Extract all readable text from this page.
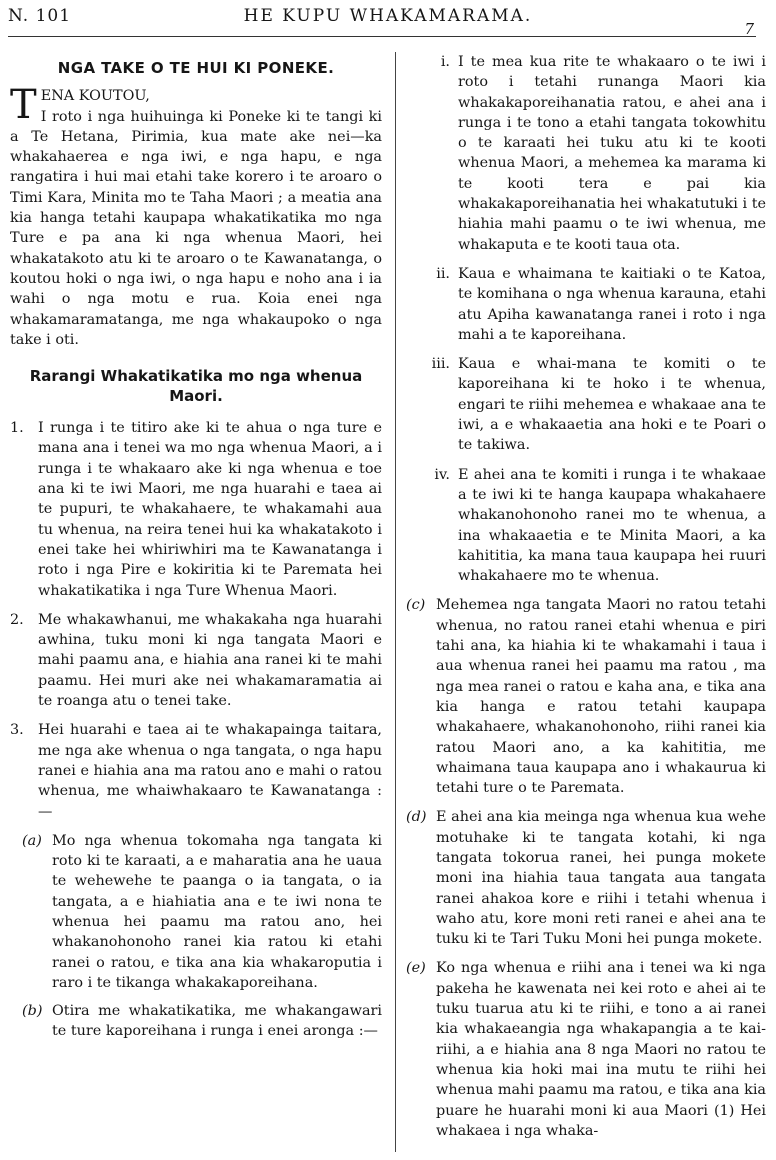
N. 101	HE KUPU WHAKAMARAMA.
7
NGA TAKE O TE HUI KI PONEKE.

TENA KOUTOU,

I roto i nga huihuinga ki Poneke ki te tangi ki a Te Hetana, Pirimia, kua mate ake nei—ka whakahaerea e nga iwi, e nga hapu, e nga rangatira i hui mai etahi take korero i te aroaro o Timi Kara, Minita mo te Taha Maori ; a meatia ana kia hanga tetahi kaupapa whakatikatika mo nga Ture e pa ana ki nga whenua Maori, hei whakatakoto atu ki te aroaro o te Kawanatanga, o koutou hoki o nga iwi, o nga hapu e noho ana i ia wahi o nga motu e rua. Koia enei nga whakamaramatanga, me nga whakaupoko o nga take i oti.

Rarangi Whakatikatika mo nga whenua Maori.
1. I runga i te titiro ake ki te ahua o nga ture e mana ana i tenei wa mo nga whenua Maori, a i runga i te whakaaro ake ki nga whenua e toe ana ki te iwi Maori, me nga huarahi e taea ai te pupuri, te whakahaere, te whakamahi aua tu whenua, na reira tenei hui ka whakatakoto i enei take hei whiriwhiri ma te Kawanatanga i roto i nga Pire e kokiritia ki te Paremata hei whakatikatika i nga Ture Whenua Maori.
2. Me whakawhanui, me whakakaha nga huarahi awhina, tuku moni ki nga tangata Maori e mahi paamu ana, e hiahia ana ranei ki te mahi paamu. Hei muri ake nei whakamaramatia ai te roanga atu o tenei take.
3. Hei huarahi e taea ai te whakapainga taitara, me nga ake whenua o nga tangata, o nga hapu ranei e hiahia ana ma ratou ano e mahi o ratou whenua, me whaiwhakaaro te Kawanatanga :—
(a) Mo nga whenua tokomaha nga tangata ki roto ki te karaati, a e maharatia ana he uaua te wehewehe te paanga o ia tangata, o ia tangata, a e hiahiatia ana e te iwi nona te whenua hei paamu ma ratou ano, hei whakanohonoho ranei kia ratou ki etahi ranei o ratou, e tika ana kia whakaroputia i raro i te tikanga whakakaporeihana.
(b) Otira me whakatikatika, me whakangawari te ture kaporeihana i runga i enei aronga :—
i. I te mea kua rite te whakaaro o te iwi i roto i tetahi runanga Maori kia whakakaporeihanatia ratou, e ahei ana i runga i te tono a etahi tangata tokowhitu o te karaati hei tuku atu ki te kooti whenua Maori, a mehemea ka marama ki te kooti tera e pai kia whakakaporeihanatia hei whakatutuki i te hiahia mahi paamu o te iwi whenua, me whakaputa e te kooti taua ota.
ii. Kaua e whaimana te kaitiaki o te Katoa, te komihana o nga whenua karauna, etahi atu Apiha kawanatanga ranei i roto i nga mahi a te kaporeihana.
iii. Kaua e whai-mana te komiti o te kaporeihana ki te hoko i te whenua, engari te riihi mehemea e whakaae ana te iwi, a e whakaaetia ana hoki e te Poari o te takiwa.
iv. E ahei ana te komiti i runga i te whakaae a te iwi ki te hanga kaupapa whakahaere whakanohonoho ranei mo te whenua, a ina whakaaetia e te Minita Maori, a ka kahititia, ka mana taua kaupapa hei ruuri whakahaere mo te whenua.
(c) Mehemea nga tangata Maori no ratou tetahi whenua, no ratou ranei etahi whenua e piri tahi ana, ka hiahia ki te whakamahi i taua i aua whenua ranei hei paamu ma ratou , ma nga mea ranei o ratou e kaha ana, e tika ana kia hanga e ratou tetahi kaupapa whakahaere, whakanohonoho, riihi ranei kia ratou Maori ano, a ka kahititia, me whaimana taua kaupapa ano i whakaurua ki tetahi ture o te Paremata.
(d) E ahei ana kia meinga nga whenua kua wehe motuhake ki te tangata kotahi, ki nga tangata tokorua ranei, hei punga mokete moni ina hiahia taua tangata aua tangata ranei ahakoa kore e riihi i tetahi whenua i waho atu, kore moni reti ranei e ahei ana te tuku ki te Tari Tuku Moni hei punga mokete.
(e) Ko nga whenua e riihi ana i tenei wa ki nga pakeha he kawenata nei kei roto e ahei ai te tuku tuarua atu ki te riihi, e tono a ai ranei kia whakaeangia nga whakapangia a te kai-riihi, a e hiahia ana 8 nga Maori no ratou te whenua kia hoki mai ina mutu te riihi hei whenua mahi paamu ma ratou, e tika ana kia puare he huarahi moni ki aua Maori (1) Hei whakaea i nga whaka-
